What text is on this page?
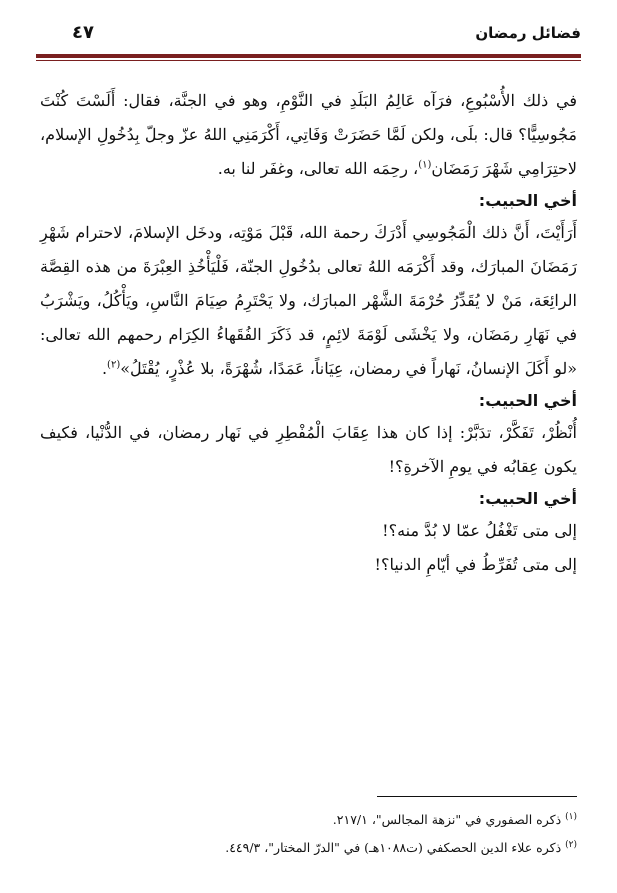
فضائل رمضان
٤٧

في ذلك الأُسْبُوعِ، فرَآه عَالِمُ البَلَدِ في النَّوْمِ، وهو في الجنَّة، فقال: أَلَسْتَ كُنْتَ مَجُوسِيًّا؟ قال: بلَى، ولكن لَمَّا حَضَرَتْ وَفَاتِي، أَكْرَمَنِي اللهُ عزّ وجلّ بِدُخُولِ الإسلام، لاحتِرَامِي شَهْرَ رَمَضَان$^{(١)}$، رحِمَه الله تعالى، وغفَر لنا به.

أخي الحبيب:

أَرَأَيْتَ، أَنَّ ذلك الْمَجُوسِي أَدْرَكَ رحمة الله، قَبْلَ مَوْتِه، ودخَل الإسلامَ، لاحترام شَهْرِ رَمَضَانَ المبارَك، وقد أَكْرَمَه اللهُ تعالى بدُخُولِ الجنّة، فَلْيَأْخُذِ العِبْرَةَ من هذه القِصَّة الرائِعَة، مَنْ لا يُقَدِّرُ حُرْمَةَ الشَّهْر المبارَك، ولا يَحْتَرِمُ صِيَامَ النَّاسِ، ويَأْكُلُ، ويَشْرَبُ في نَهَارِ رمَضَان، ولا يَخْشَى لَوْمَةَ لائِمٍ، قد ذَكَرَ الفُقَهاءُ الكِرَام رحمهم الله تعالى: «لو أَكَلَ الإنسانُ، نَهاراً في رمضان، عِيَاناً، عَمَدًا، شُهْرَةً، بلا عُذْرٍ، يُقْتَلُ»$^{(٢)}$.

أخي الحبيب:

أُنْظُرْ، تَفَكَّرْ، تدَبَّرْ: إذا كان هذا عِقَابَ الْمُفْطِرِ في نَهار رمضان، في الدُّنْيا، فكيف يكون عِقابُه في يومِ الآخرةِ؟!

أخي الحبيب:

إلى متى تَغْفُلُ عمّا لا بُدَّ منه؟!

إلى متى تُفَرِّطُ في أيّامِ الدنيا؟!

$^{(١)}$ ذكره الصفوري في "نزهة المجالس"، ٢١٧/١.

$^{(٢)}$ ذكره علاء الدين الحصكفي (ت١٠٨٨هـ) في "الدرّ المختار"، ٤٤٩/٣.
